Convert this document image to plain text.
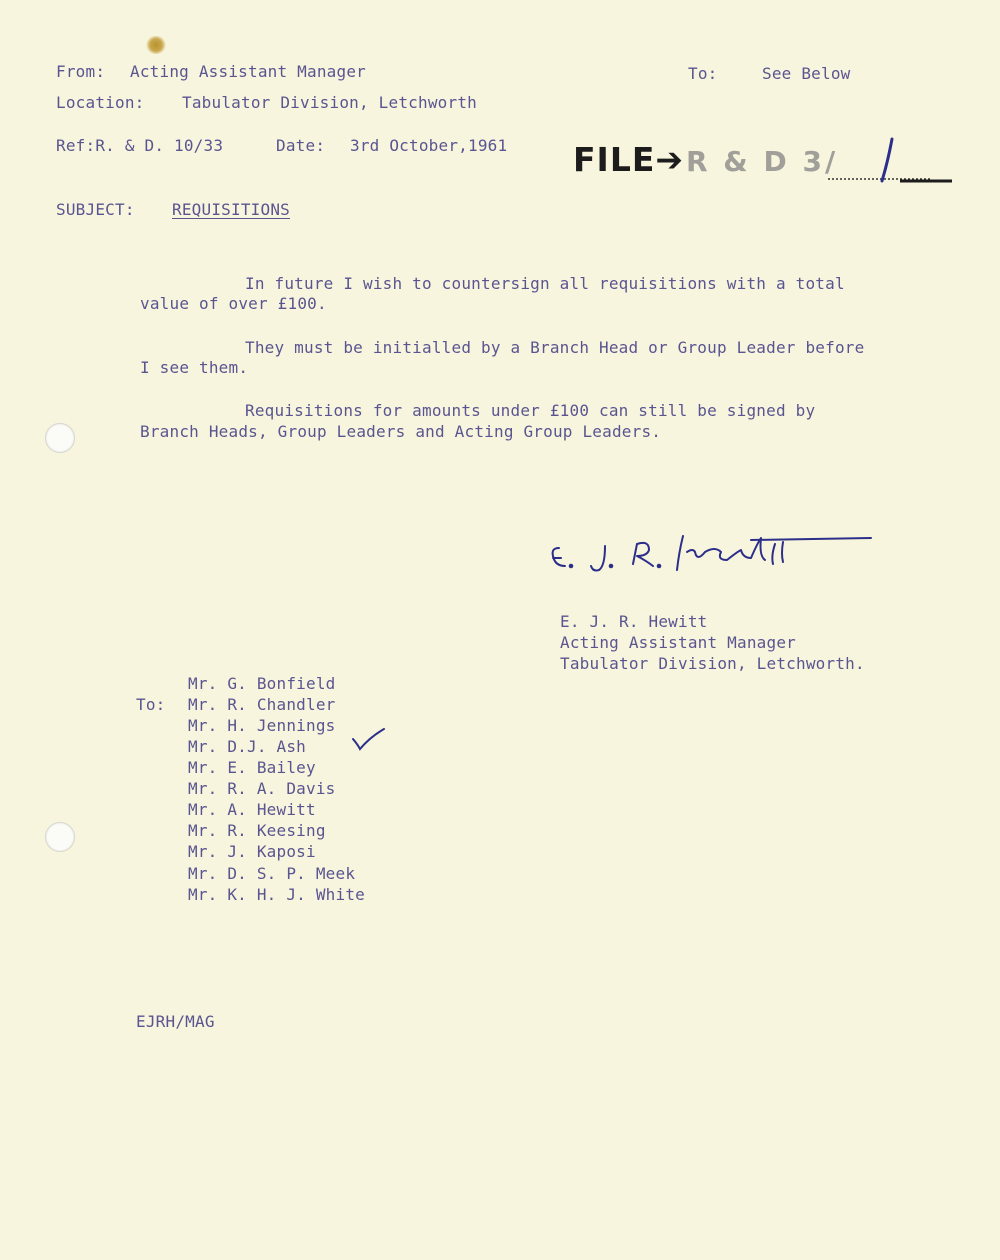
From: Acting Assistant Manager	To:	See Below
Location: Tabulator Division, Letchworth
Ref:R. & D. 10/33	Date: 3rd October,1961 FILE➔ R & D 3/
SUBJECT: REQUISITIONS
In future I wish to countersign all requisitions with a total
value of over £100.
They must be initialled by a Branch Head or Group Leader before
I see them.
Requisitions for amounts under £100 can still be signed by
Branch Heads, Group Leaders and Acting Group Leaders.
E. J. R. Hewitt
Acting Assistant Manager
Tabulator Division, Letchworth.
To:
Mr. G. Bonfield
Mr. R. Chandler
Mr. H. Jennings
Mr. D.J. Ash
Mr. E. Bailey
Mr. R. A. Davis
Mr. A. Hewitt
Mr. R. Keesing
Mr. J. Kaposi
Mr. D. S. P. Meek
Mr. K. H. J. White
EJRH/MAG
